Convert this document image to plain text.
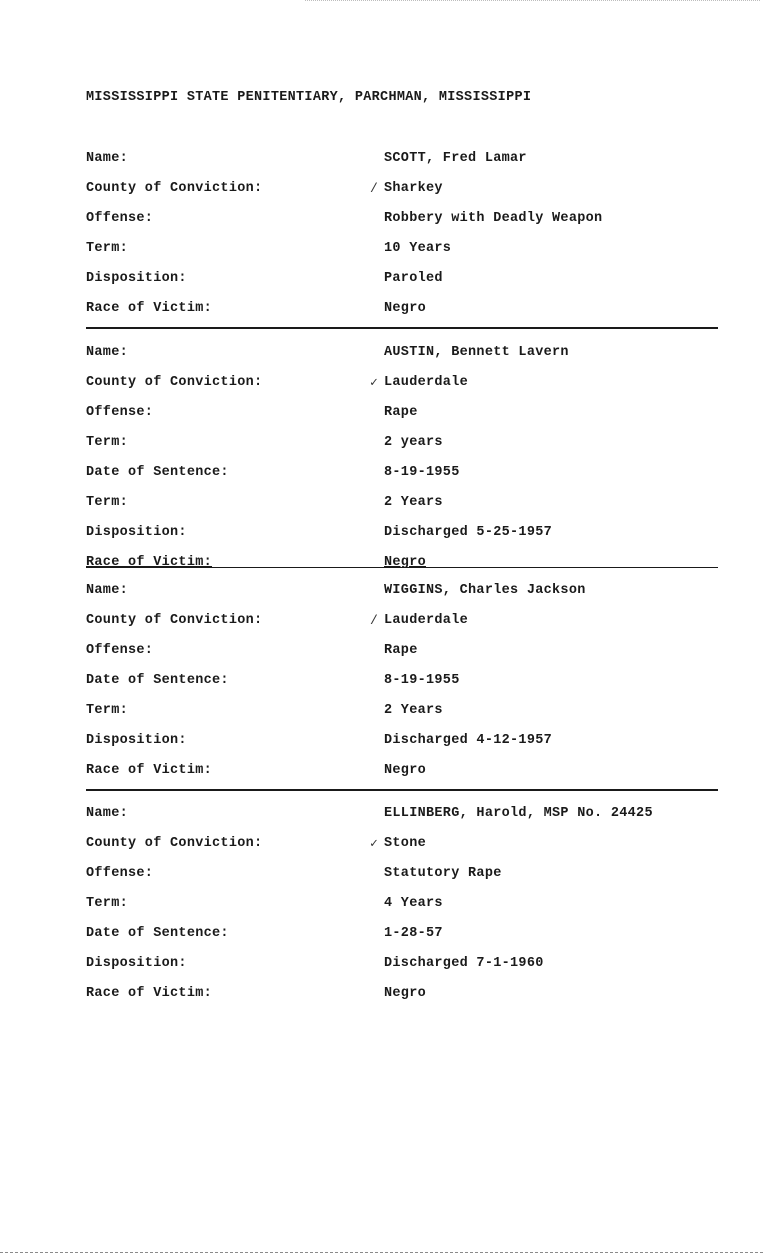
MISSISSIPPI STATE PENITENTIARY, PARCHMAN, MISSISSIPPI
Name:	SCOTT, Fred Lamar
County of Conviction:	/ Sharkey
Offense:	Robbery with Deadly Weapon
Term:	10 Years
Disposition:	Paroled
Race of Victim:	Negro
Name:	AUSTIN, Bennett Lavern
County of Conviction:	✓ Lauderdale
Offense:	Rape
Term:	2 years
Date of Sentence:	8-19-1955
Term:	2 Years
Disposition:	Discharged 5-25-1957
Race of Victim:	Negro
Name:	WIGGINS, Charles Jackson
County of Conviction:	/ Lauderdale
Offense:	Rape
Date of Sentence:	8-19-1955
Term:	2 Years
Disposition:	Discharged 4-12-1957
Race of Victim:	Negro
Name:	ELLINBERG, Harold, MSP No. 24425
County of Conviction:	✓ Stone
Offense:	Statutory Rape
Term:	4 Years
Date of Sentence:	1-28-57
Disposition:	Discharged 7-1-1960
Race of Victim:	Negro
